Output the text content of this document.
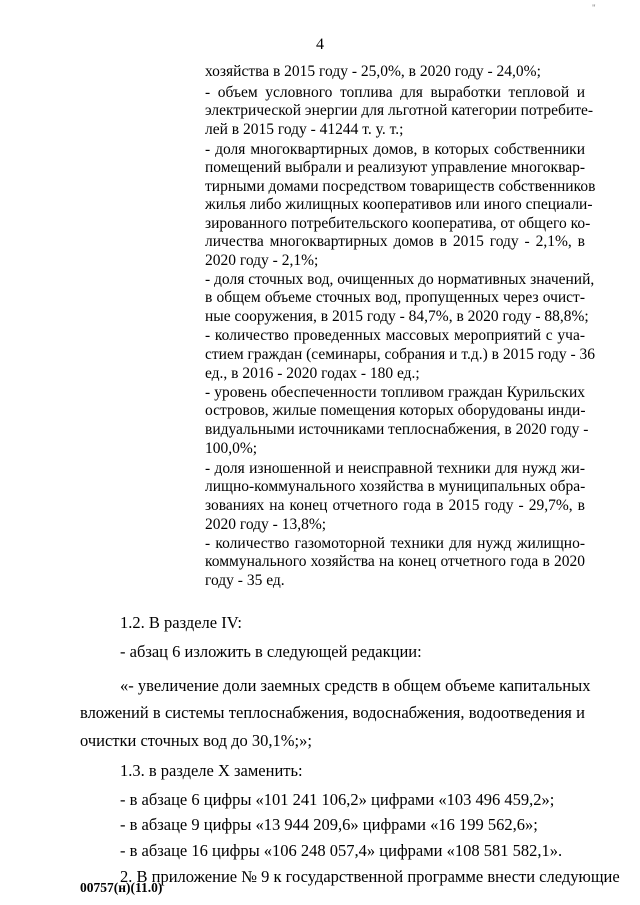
"
4
хозяйства в 2015 году - 25,0%, в 2020 году - 24,0%;
- объем условного топлива для выработки тепловой и
электрической энергии для льготной категории потребите-
лей в 2015 году - 41244 т. у. т.;
- доля многоквартирных домов, в которых собственники
помещений выбрали и реализуют управление многоквар-
тирными домами посредством товариществ собственников
жилья либо жилищных кооперативов или иного специали-
зированного потребительского кооператива, от общего ко-
личества многоквартирных домов в 2015 году - 2,1%, в
2020 году - 2,1%;
- доля сточных вод, очищенных до нормативных значений,
в общем объеме сточных вод, пропущенных через очист-
ные сооружения, в 2015 году - 84,7%, в 2020 году - 88,8%;
- количество проведенных массовых мероприятий с уча-
стием граждан (семинары, собрания и т.д.) в 2015 году - 36
ед., в 2016 - 2020 годах - 180 ед.;
- уровень обеспеченности топливом граждан Курильских
островов, жилые помещения которых оборудованы инди-
видуальными источниками теплоснабжения, в 2020 году -
100,0%;
- доля изношенной и неисправной техники для нужд жи-
лищно-коммунального хозяйства в муниципальных обра-
зованиях на конец отчетного года в 2015 году - 29,7%, в
2020 году - 13,8%;
- количество газомоторной техники для нужд жилищно-
коммунального хозяйства на конец отчетного года в 2020
году - 35 ед.
1.2. В разделе IV:
- абзац 6 изложить в следующей редакции:
«- увеличение доли заемных средств в общем объеме капитальных
вложений в системы теплоснабжения, водоснабжения, водоотведения и
очистки сточных вод до 30,1%;»;
1.3. в разделе X заменить:
- в абзаце 6 цифры «101 241 106,2» цифрами «103 496 459,2»;
- в абзаце 9 цифры «13 944 209,6» цифрами «16 199 562,6»;
- в абзаце 16 цифры «106 248 057,4» цифрами «108 581 582,1».
2. В приложение № 9 к государственной программе внести следующие
00757(н)(11.0)
